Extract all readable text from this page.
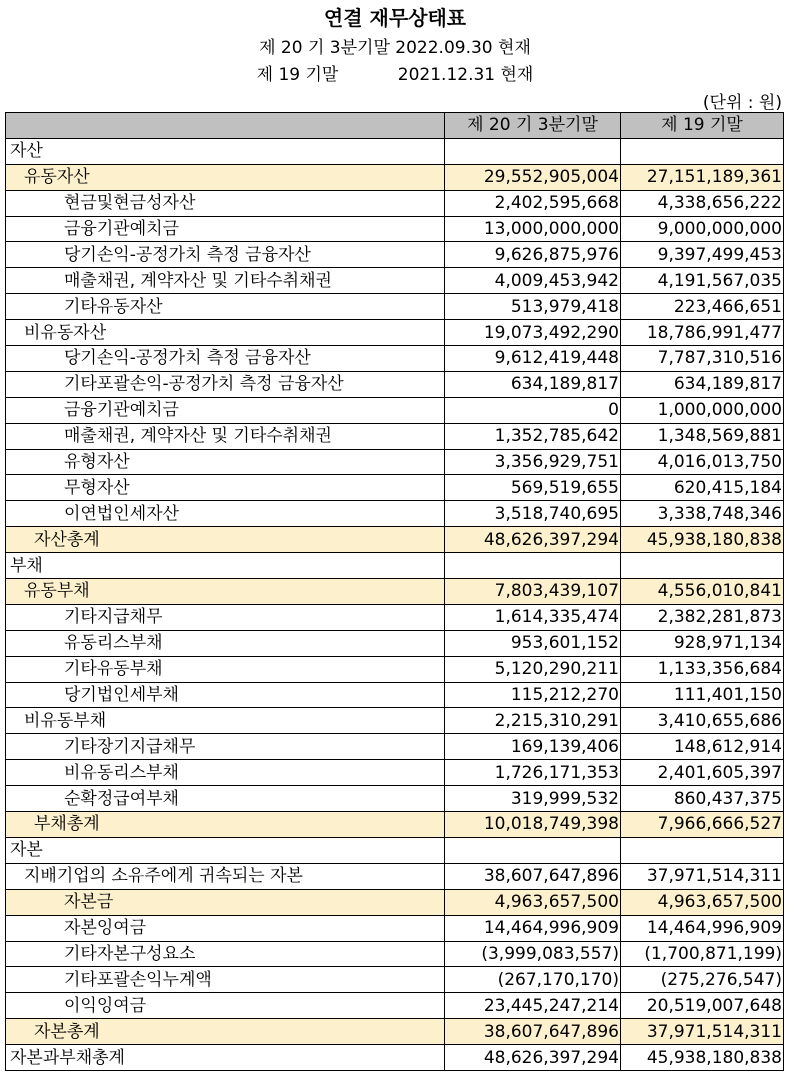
연결 재무상태표
제 20 기 3분기말 2022.09.30 현재
제 19 기말           2021.12.31 현재
(단위 : 원)
	제 20 기 3분기말	제 19 기말
자산		
유동자산	29,552,905,004	27,151,189,361
현금및현금성자산	2,402,595,668	4,338,656,222
금융기관예치금	13,000,000,000	9,000,000,000
당기손익-공정가치 측정 금융자산	9,626,875,976	9,397,499,453
매출채권, 계약자산 및 기타수취채권	4,009,453,942	4,191,567,035
기타유동자산	513,979,418	223,466,651
비유동자산	19,073,492,290	18,786,991,477
당기손익-공정가치 측정 금융자산	9,612,419,448	7,787,310,516
기타포괄손익-공정가치 측정 금융자산	634,189,817	634,189,817
금융기관예치금	0	1,000,000,000
매출채권, 계약자산 및 기타수취채권	1,352,785,642	1,348,569,881
유형자산	3,356,929,751	4,016,013,750
무형자산	569,519,655	620,415,184
이연법인세자산	3,518,740,695	3,338,748,346
자산총계	48,626,397,294	45,938,180,838
부채		
유동부채	7,803,439,107	4,556,010,841
기타지급채무	1,614,335,474	2,382,281,873
유동리스부채	953,601,152	928,971,134
기타유동부채	5,120,290,211	1,133,356,684
당기법인세부채	115,212,270	111,401,150
비유동부채	2,215,310,291	3,410,655,686
기타장기지급채무	169,139,406	148,612,914
비유동리스부채	1,726,171,353	2,401,605,397
순확정급여부채	319,999,532	860,437,375
부채총계	10,018,749,398	7,966,666,527
자본		
지배기업의 소유주에게 귀속되는 자본	38,607,647,896	37,971,514,311
자본금	4,963,657,500	4,963,657,500
자본잉여금	14,464,996,909	14,464,996,909
기타자본구성요소	(3,999,083,557)	(1,700,871,199)
기타포괄손익누계액	(267,170,170)	(275,276,547)
이익잉여금	23,445,247,214	20,519,007,648
자본총계	38,607,647,896	37,971,514,311
자본과부채총계	48,626,397,294	45,938,180,838
